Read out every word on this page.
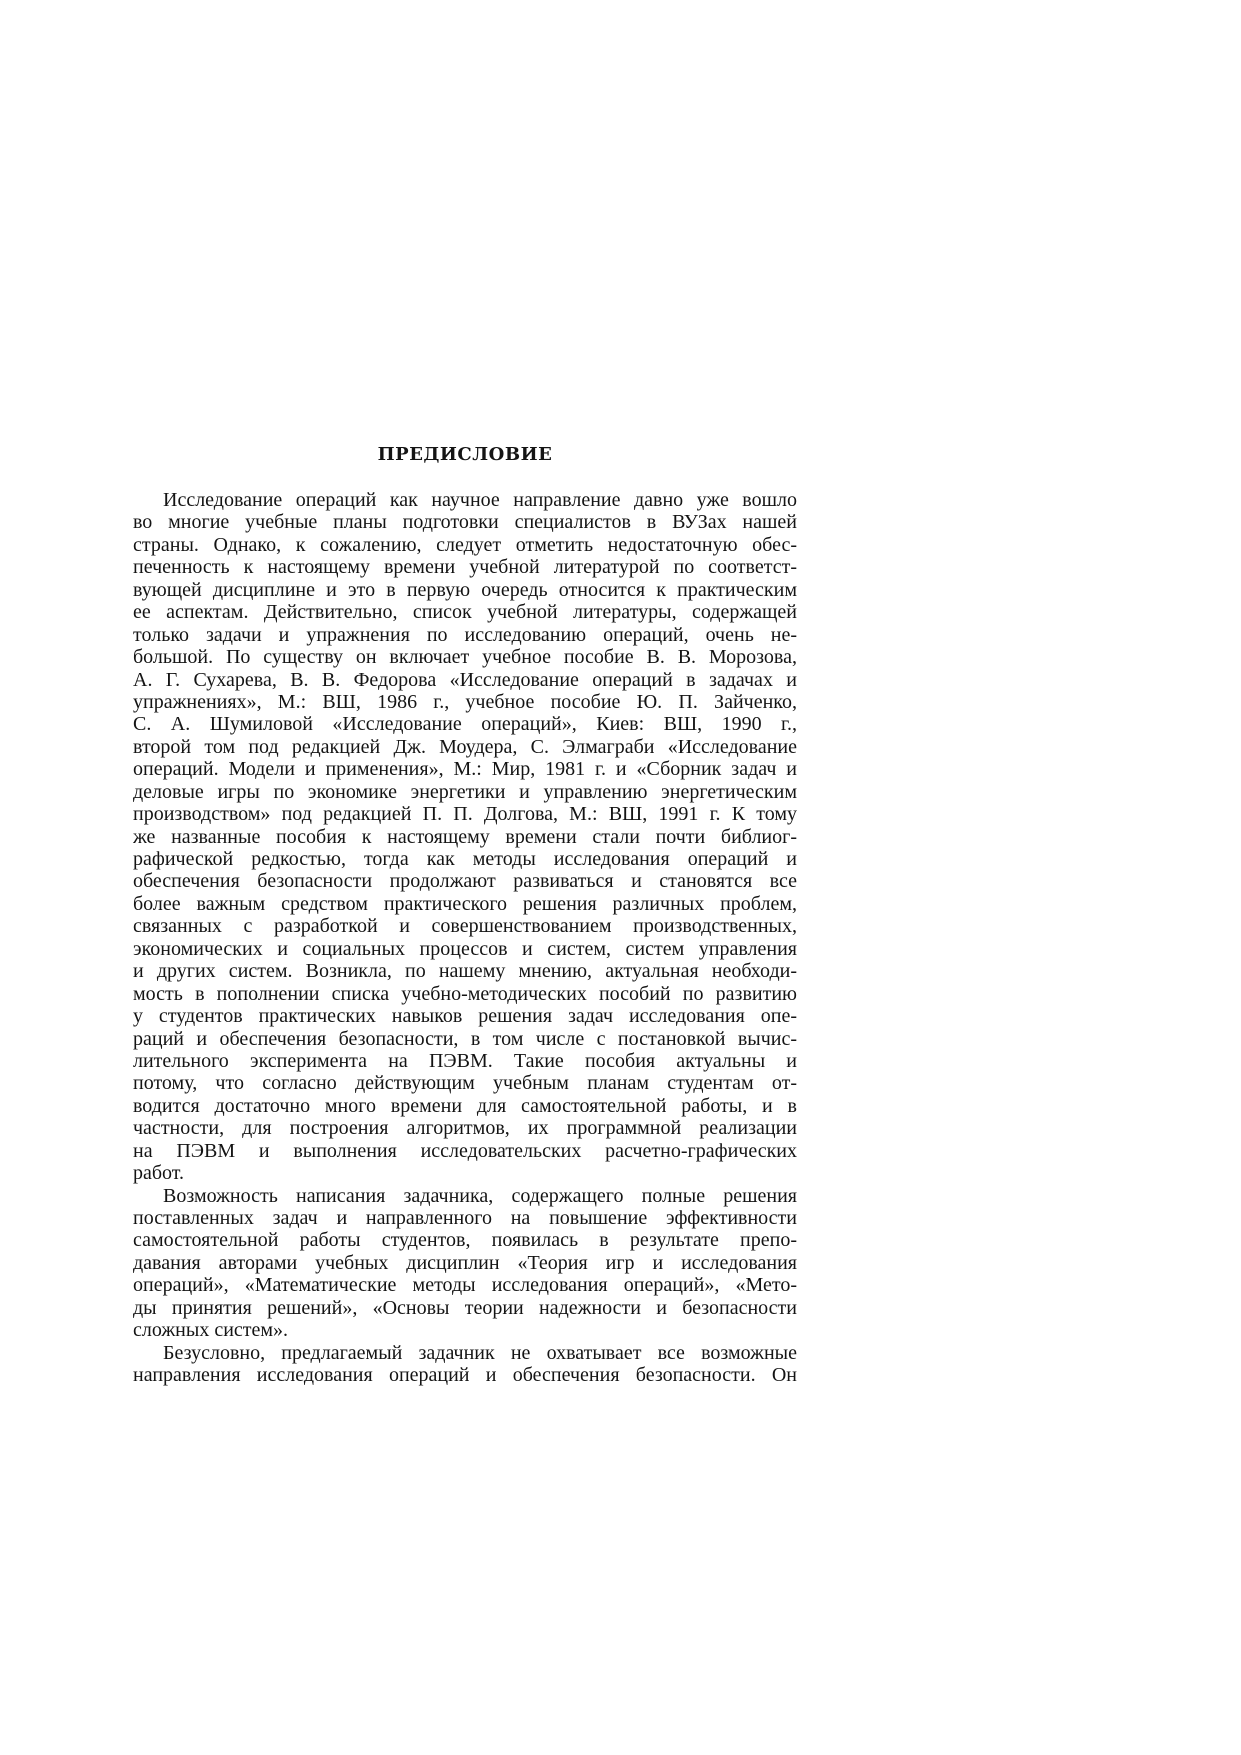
ПРЕДИСЛОВИЕ
Исследование операций как научное направление давно уже вошло
во многие учебные планы подготовки специалистов в ВУЗах нашей
страны. Однако, к сожалению, следует отметить недостаточную обес-
печенность к настоящему времени учебной литературой по соответст-
вующей дисциплине и это в первую очередь относится к практическим
ее аспектам. Действительно, список учебной литературы, содержащей
только задачи и упражнения по исследованию операций, очень не-
большой. По существу он включает учебное пособие В. В. Морозова,
А. Г. Сухарева, В. В. Федорова «Исследование операций в задачах и
упражнениях», М.: ВШ, 1986 г., учебное пособие Ю. П. Зайченко,
С. А. Шумиловой «Исследование операций», Киев: ВШ, 1990 г.,
второй том под редакцией Дж. Моудера, С. Элмаграби «Исследование
операций. Модели и применения», М.: Мир, 1981 г. и «Сборник задач и
деловые игры по экономике энергетики и управлению энергетическим
производством» под редакцией П. П. Долгова, М.: ВШ, 1991 г. К тому
же названные пособия к настоящему времени стали почти библиог-
рафической редкостью, тогда как методы исследования операций и
обеспечения безопасности продолжают развиваться и становятся все
более важным средством практического решения различных проблем,
связанных с разработкой и совершенствованием производственных,
экономических и социальных процессов и систем, систем управления
и других систем. Возникла, по нашему мнению, актуальная необходи-
мость в пополнении списка учебно-методических пособий по развитию
у студентов практических навыков решения задач исследования опе-
раций и обеспечения безопасности, в том числе с постановкой вычис-
лительного эксперимента на ПЭВМ. Такие пособия актуальны и
потому, что согласно действующим учебным планам студентам от-
водится достаточно много времени для самостоятельной работы, и в
частности, для построения алгоритмов, их программной реализации
на ПЭВМ и выполнения исследовательских расчетно-графических
работ.
Возможность написания задачника, содержащего полные решения
поставленных задач и направленного на повышение эффективности
самостоятельной работы студентов, появилась в результате препо-
давания авторами учебных дисциплин «Теория игр и исследования
операций», «Математические методы исследования операций», «Мето-
ды принятия решений», «Основы теории надежности и безопасности
сложных систем».
Безусловно, предлагаемый задачник не охватывает все возможные
направления исследования операций и обеспечения безопасности. Он
